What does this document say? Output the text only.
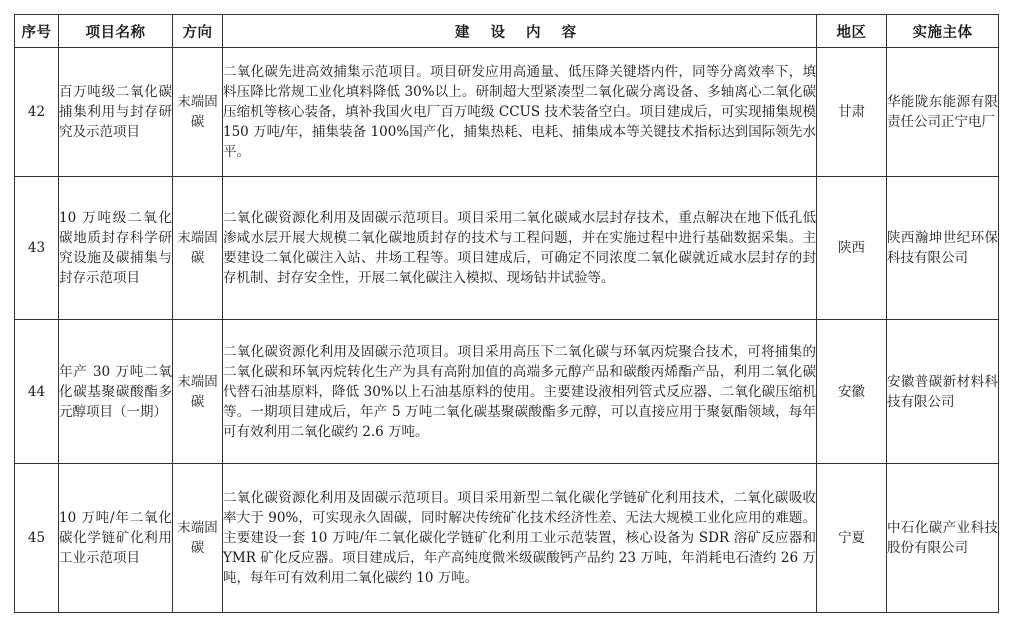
序号	项目名称	方向	建 设 内 容	地区	实施主体
42	百万吨级二氧化碳捕集利用与封存研究及示范项目	末端固碳	二氧化碳先进高效捕集示范项目。项目研发应用高通量、低压降关键塔内件，同等分离效率下，填料压降比常规工业化填料降低 30%以上。研制超大型紧凑型二氧化碳分离设备、多轴离心二氧化碳压缩机等核心装备，填补我国火电厂百万吨级 CCUS 技术装备空白。项目建成后，可实现捕集规模 150 万吨/年，捕集装备 100%国产化，捕集热耗、电耗、捕集成本等关键技术指标达到国际领先水平。	甘肃	华能陇东能源有限责任公司正宁电厂
43	10 万吨级二氧化碳地质封存科学研究设施及碳捕集与封存示范项目	末端固碳	二氧化碳资源化利用及固碳示范项目。项目采用二氧化碳咸水层封存技术，重点解决在地下低孔低渗咸水层开展大规模二氧化碳地质封存的技术与工程问题，并在实施过程中进行基础数据采集。主要建设二氧化碳注入站、井场工程等。项目建成后，可确定不同浓度二氧化碳就近咸水层封存的封存机制、封存安全性，开展二氧化碳注入模拟、现场钻井试验等。	陕西	陕西瀚坤世纪环保科技有限公司
44	年产 30 万吨二氧化碳基聚碳酸酯多元醇项目（一期）	末端固碳	二氧化碳资源化利用及固碳示范项目。项目采用高压下二氧化碳与环氧丙烷聚合技术，可将捕集的二氧化碳和环氧丙烷转化生产为具有高附加值的高端多元醇产品和碳酸丙烯酯产品，利用二氧化碳代替石油基原料，降低 30%以上石油基原料的使用。主要建设液相列管式反应器、二氧化碳压缩机等。一期项目建成后，年产 5 万吨二氧化碳基聚碳酸酯多元醇，可以直接应用于聚氨酯领域，每年可有效利用二氧化碳约 2.6 万吨。	安徽	安徽普碳新材料科技有限公司
45	10 万吨/年二氧化碳化学链矿化利用工业示范项目	末端固碳	二氧化碳资源化利用及固碳示范项目。项目采用新型二氧化碳化学链矿化利用技术，二氧化碳吸收率大于 90%，可实现永久固碳，同时解决传统矿化技术经济性差、无法大规模工业化应用的难题。主要建设一套 10 万吨/年二氧化碳化学链矿化利用工业示范装置，核心设备为 SDR 溶矿反应器和 YMR 矿化反应器。项目建成后，年产高纯度微米级碳酸钙产品约 23 万吨，年消耗电石渣约 26 万吨，每年可有效利用二氧化碳约 10 万吨。	宁夏	中石化碳产业科技股份有限公司
